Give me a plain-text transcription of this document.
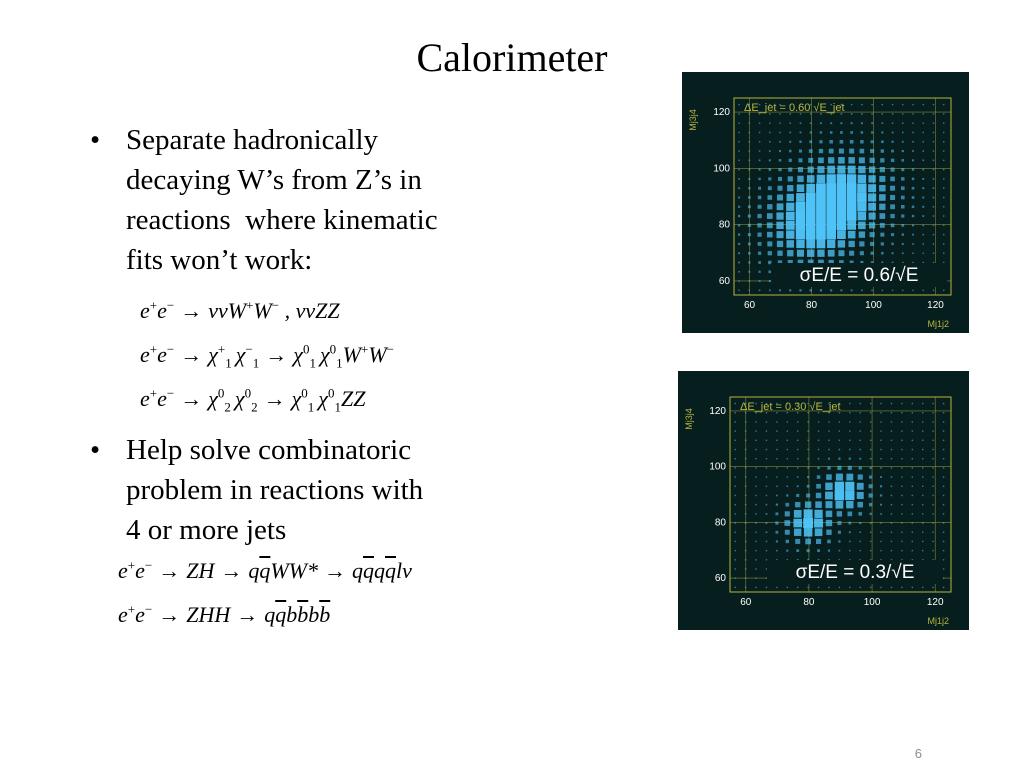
Calorimeter
• Separate hadronically
decaying W’s from Z’s in
reactions  where kinematic
fits won’t work:
e+e− → ννW+W− , ννZZ
$e^+e^- \to \chi^+_1$ $\chi^-_1 \to \chi^0_1$ $\chi^0_1W^+W^-$
$e^+e^- \to \chi^0_2$ $\chi^0_2 \to \chi^0_1$ $\chi^0_1ZZ$
• Help solve combinatoric
problem in reactions with
4 or more jets
e+e− → ZH → $q\overline{q}WW* \to q\overline{q}q\overline{q}l\nu$
e+e− → ZHH → $q\overline{q}b\overline{b}b\overline{b}$
60	80	100	120
60
80
100
120 ΔE_jet = 0.60 √E_jet
Mj3j4
Mj1j2
σE/E = 0.6/√E
60	80	100	120
60
80
100
120 ΔE_jet = 0.30 √E_jet
Mj3j4
Mj1j2
σE/E = 0.3/√E
6
